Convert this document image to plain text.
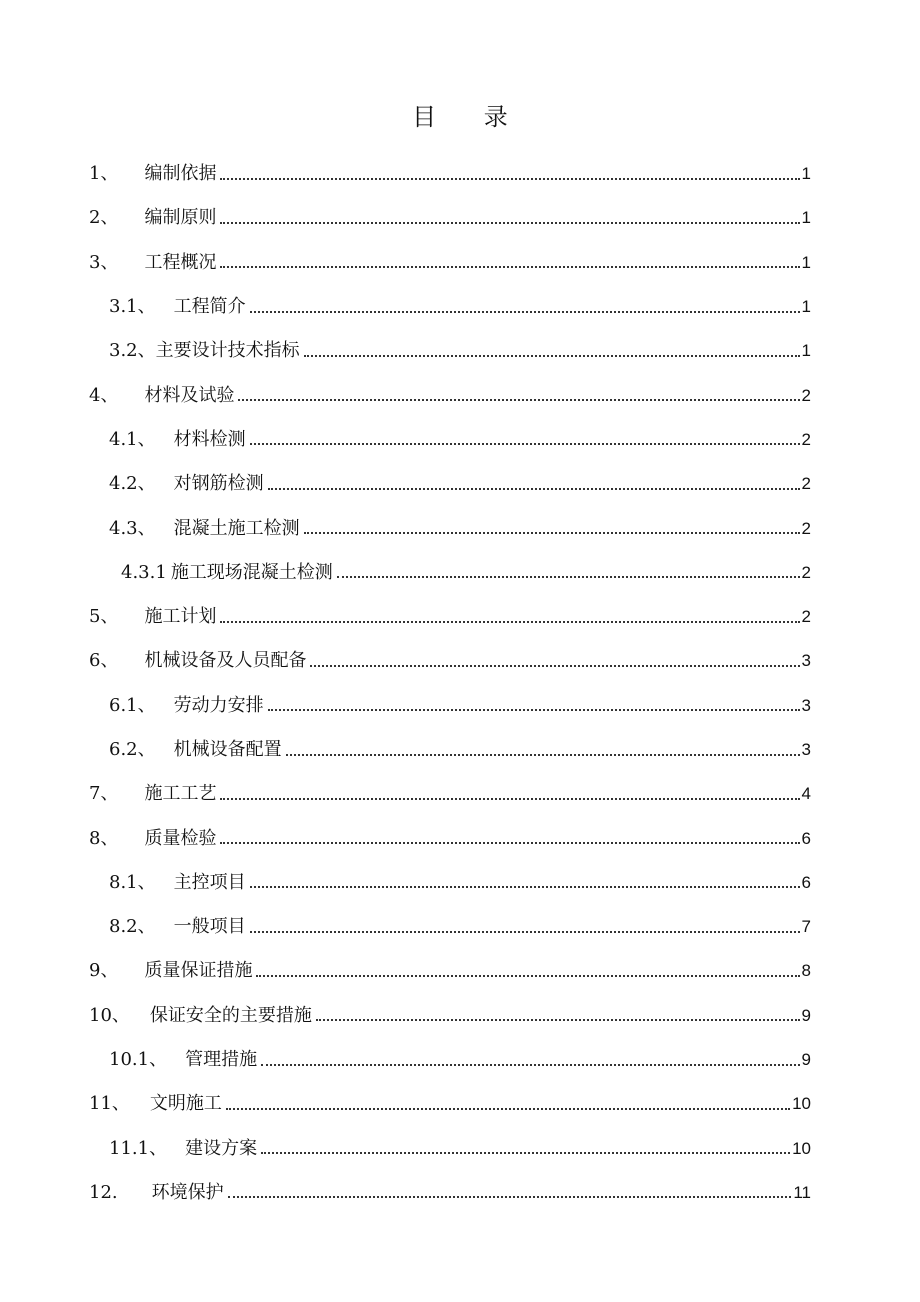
目 录
1、 编制依据	1
2、 编制原则	1
3、 工程概况	1
3.1、 工程简介	1
3.2、 主要设计技术指标	1
4、 材料及试验	2
4.1、 材料检测	2
4.2、 对钢筋检测	2
4.3、 混凝土施工检测	2
4.3.1 施工现场混凝土检测	2
5、 施工计划	2
6、 机械设备及人员配备	3
6.1、 劳动力安排	3
6.2、 机械设备配置	3
7、 施工工艺	4
8、 质量检验	6
8.1、 主控项目	6
8.2、 一般项目	7
9、 质量保证措施	8
10、 保证安全的主要措施	9
10.1、 管理措施	9
11、 文明施工	10
11.1、 建设方案	10
12. 环境保护	11
